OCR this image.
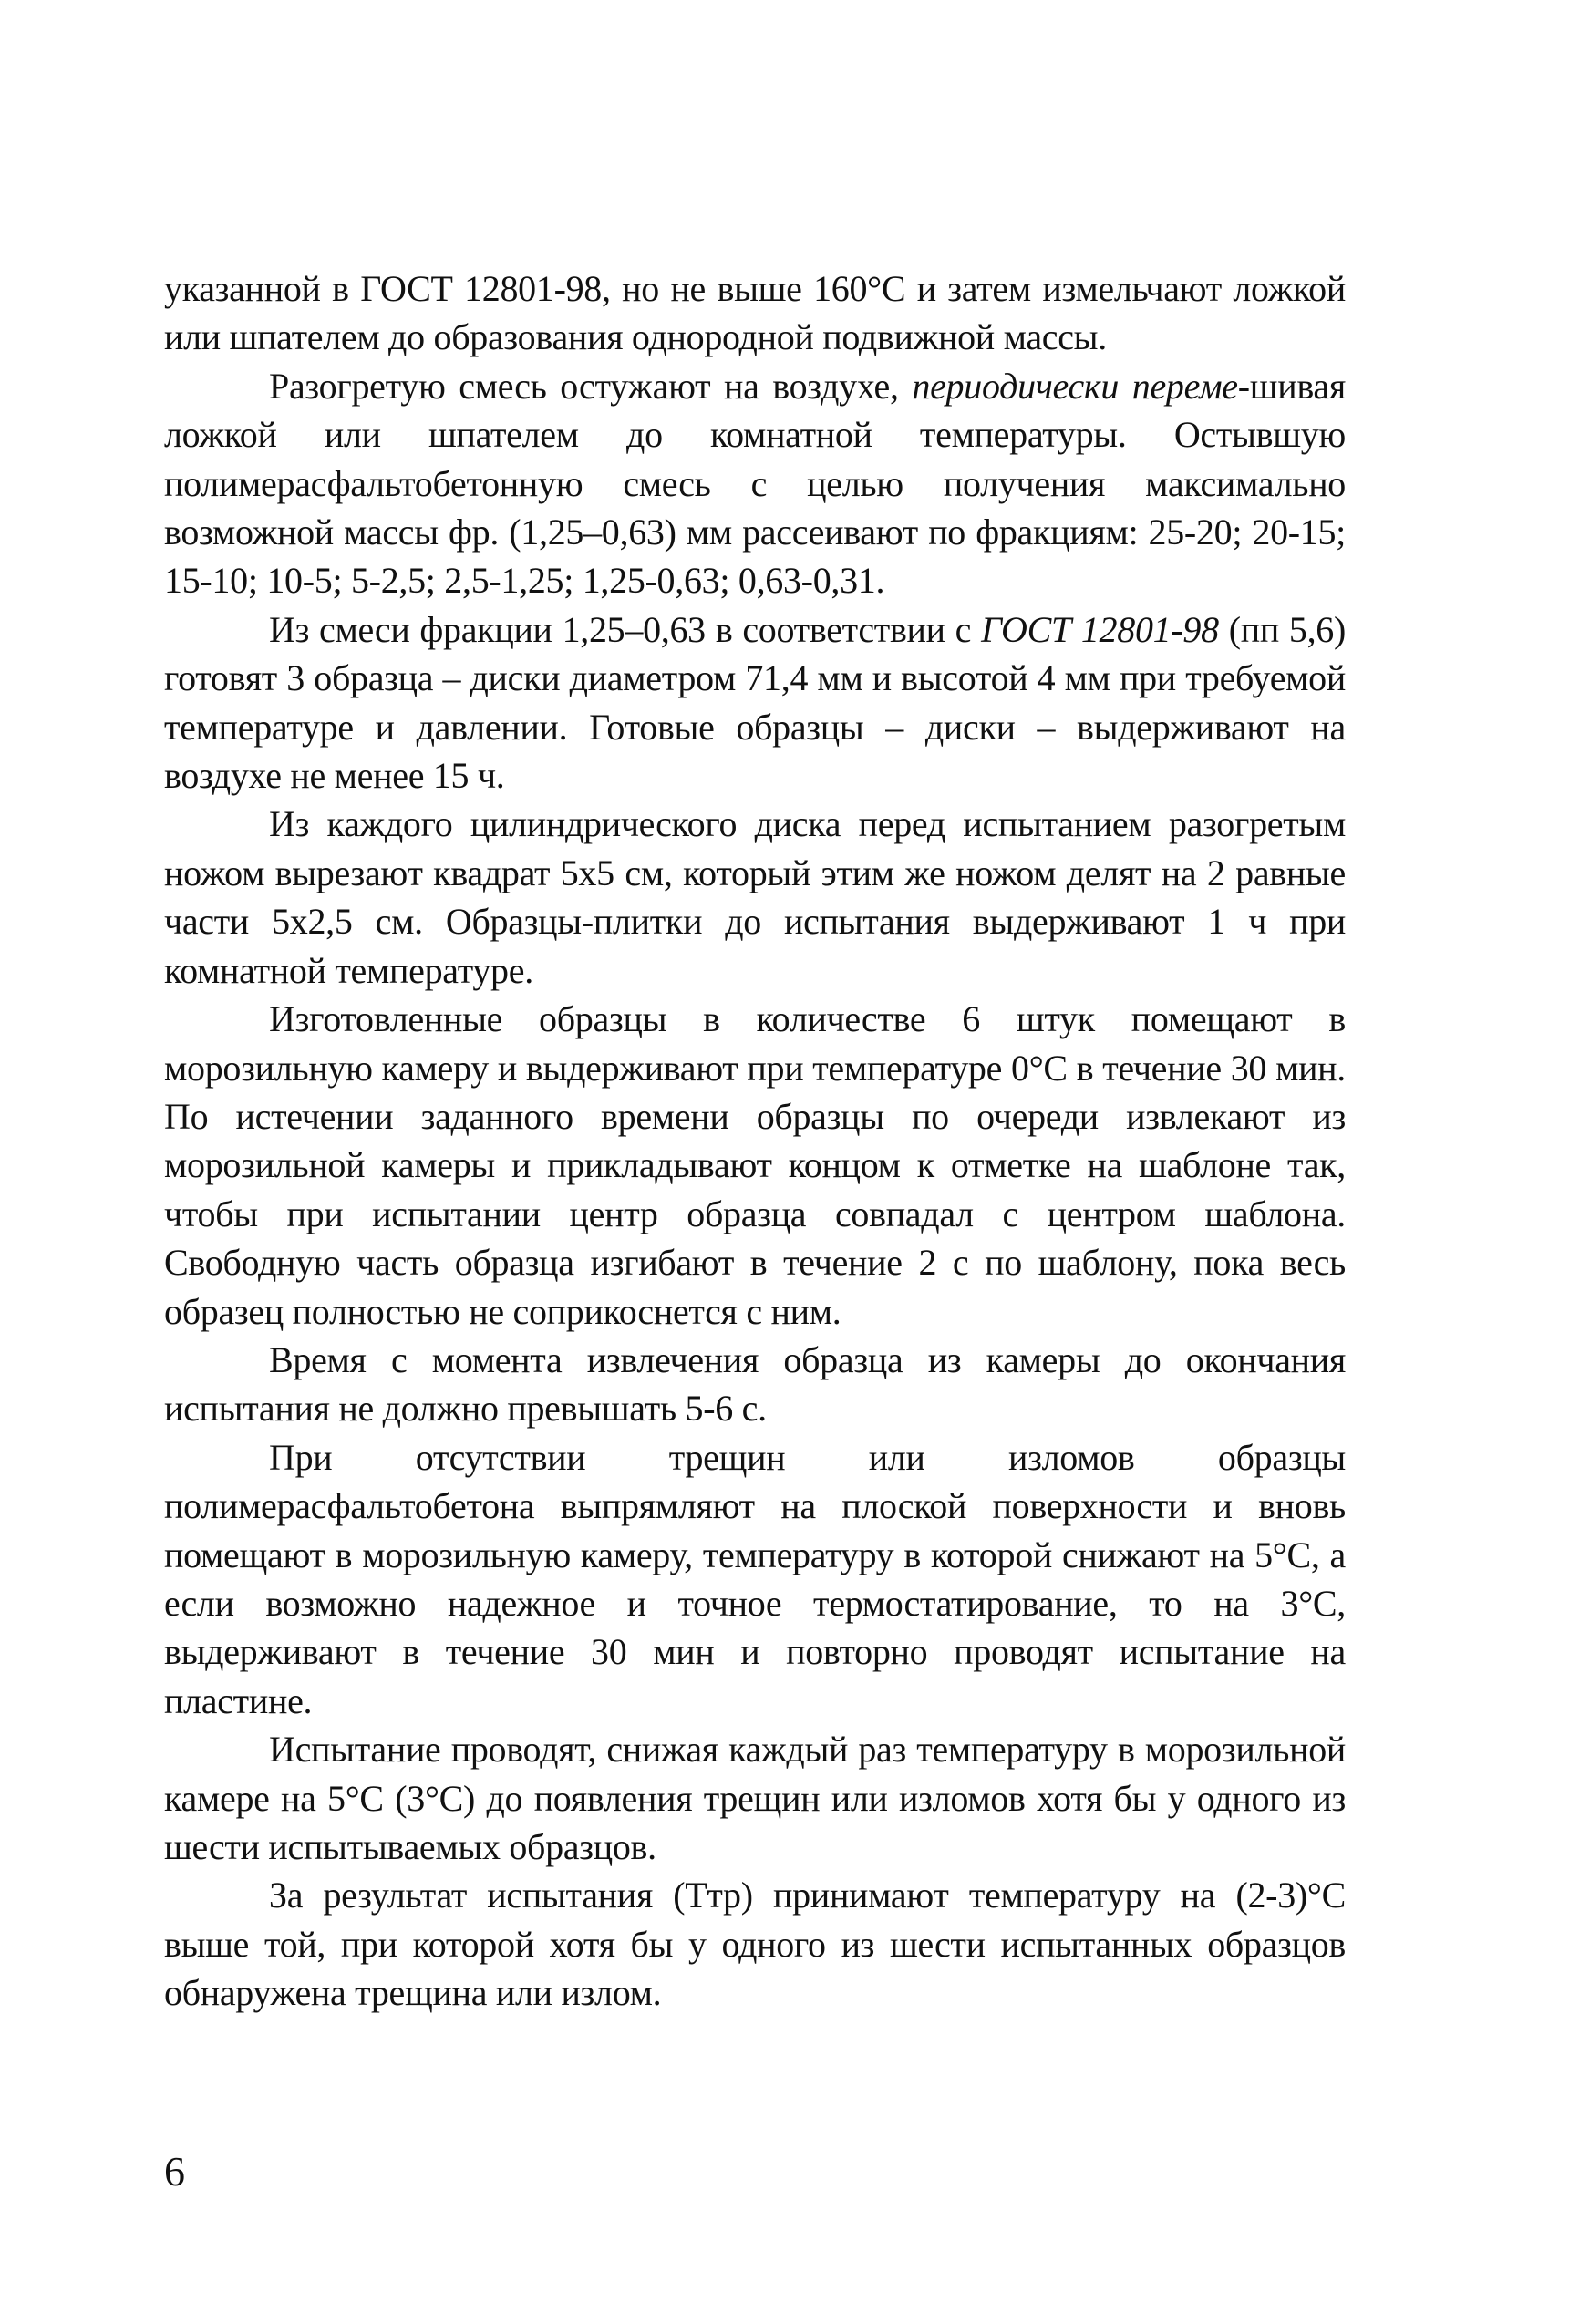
указанной в ГОСТ 12801-98, но не выше 160°С и затем измельчают ложкой или шпателем до образования однородной подвижной массы.

Разогретую смесь остужают на воздухе, периодически переме-шивая ложкой или шпателем до комнатной температуры. Остывшую полимерасфальтобетонную смесь с целью получения максимально возможной массы фр. (1,25–0,63) мм рассеивают по фракциям: 25-20; 20-15; 15-10; 10-5; 5-2,5; 2,5-1,25; 1,25-0,63; 0,63-0,31.

Из смеси фракции 1,25–0,63 в соответствии с ГОСТ 12801-98 (пп 5,6) готовят 3 образца – диски диаметром 71,4 мм и высотой 4 мм при требуемой температуре и давлении. Готовые образцы – диски – выдерживают на воздухе не менее 15 ч.

Из каждого цилиндрического диска перед испытанием разогретым ножом вырезают квадрат 5х5 см, который этим же ножом делят на 2 равные части 5х2,5 см. Образцы-плитки до испытания выдерживают 1 ч при комнатной температуре.

Изготовленные образцы в количестве 6 штук помещают в морозильную камеру и выдерживают при температуре 0°С в течение 30 мин. По истечении заданного времени образцы по очереди извлекают из морозильной камеры и прикладывают концом к отметке на шаблоне так, чтобы при испытании центр образца совпадал с центром шаблона. Свободную часть образца изгибают в течение 2 с по шаблону, пока весь образец полностью не соприкоснется с ним.

Время с момента извлечения образца из камеры до окончания испытания не должно превышать 5-6 с.

При отсутствии трещин или изломов образцы полимерасфальтобетона выпрямляют на плоской поверхности и вновь помещают в морозильную камеру, температуру в которой снижают на 5°С, а если возможно надежное и точное термостатирование, то на 3°С, выдерживают в течение 30 мин и повторно проводят испытание на пластине.

Испытание проводят, снижая каждый раз температуру в морозильной камере на 5°С (3°С) до появления трещин или изломов хотя бы у одного из шести испытываемых образцов.

За результат испытания (Ттр) принимают температуру на (2-3)°С выше той, при которой хотя бы у одного из шести испытанных образцов обнаружена трещина или излом.

6
